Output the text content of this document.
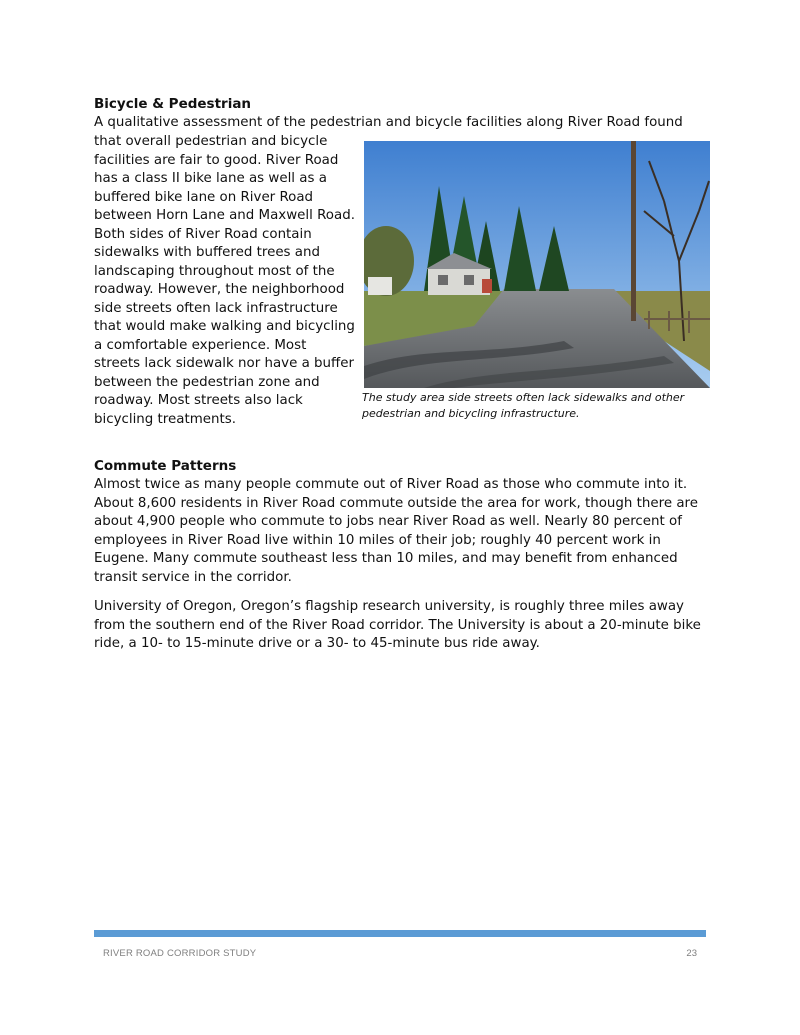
Bicycle & Pedestrian

A qualitative assessment of the pedestrian and bicycle facilities along River Road found

that overall pedestrian and bicycle facilities are fair to good. River Road has a class II bike lane as well as a buffered bike lane on River Road between Horn Lane and Maxwell Road. Both sides of River Road contain sidewalks with buffered trees and landscaping throughout most of the roadway. However, the neighborhood side streets often lack infrastructure that would make walking and bicycling a comfortable experience. Most streets lack sidewalk nor have a buffer between the pedestrian zone and roadway. Most streets also lack bicycling treatments.

The study area side streets often lack sidewalks and other pedestrian and bicycling infrastructure.

Commute Patterns

Almost twice as many people commute out of River Road as those who commute into it. About 8,600 residents in River Road commute outside the area for work, though there are about 4,900 people who commute to jobs near River Road as well. Nearly 80 percent of employees in River Road live within 10 miles of their job; roughly 40 percent work in Eugene. Many commute southeast less than 10 miles, and may benefit from enhanced transit service in the corridor.

University of Oregon, Oregon’s flagship research university, is roughly three miles away from the southern end of the River Road corridor. The University is about a 20-minute bike ride, a 10- to 15-minute drive or a 30- to 45-minute bus ride away.

RIVER ROAD CORRIDOR STUDY	23
